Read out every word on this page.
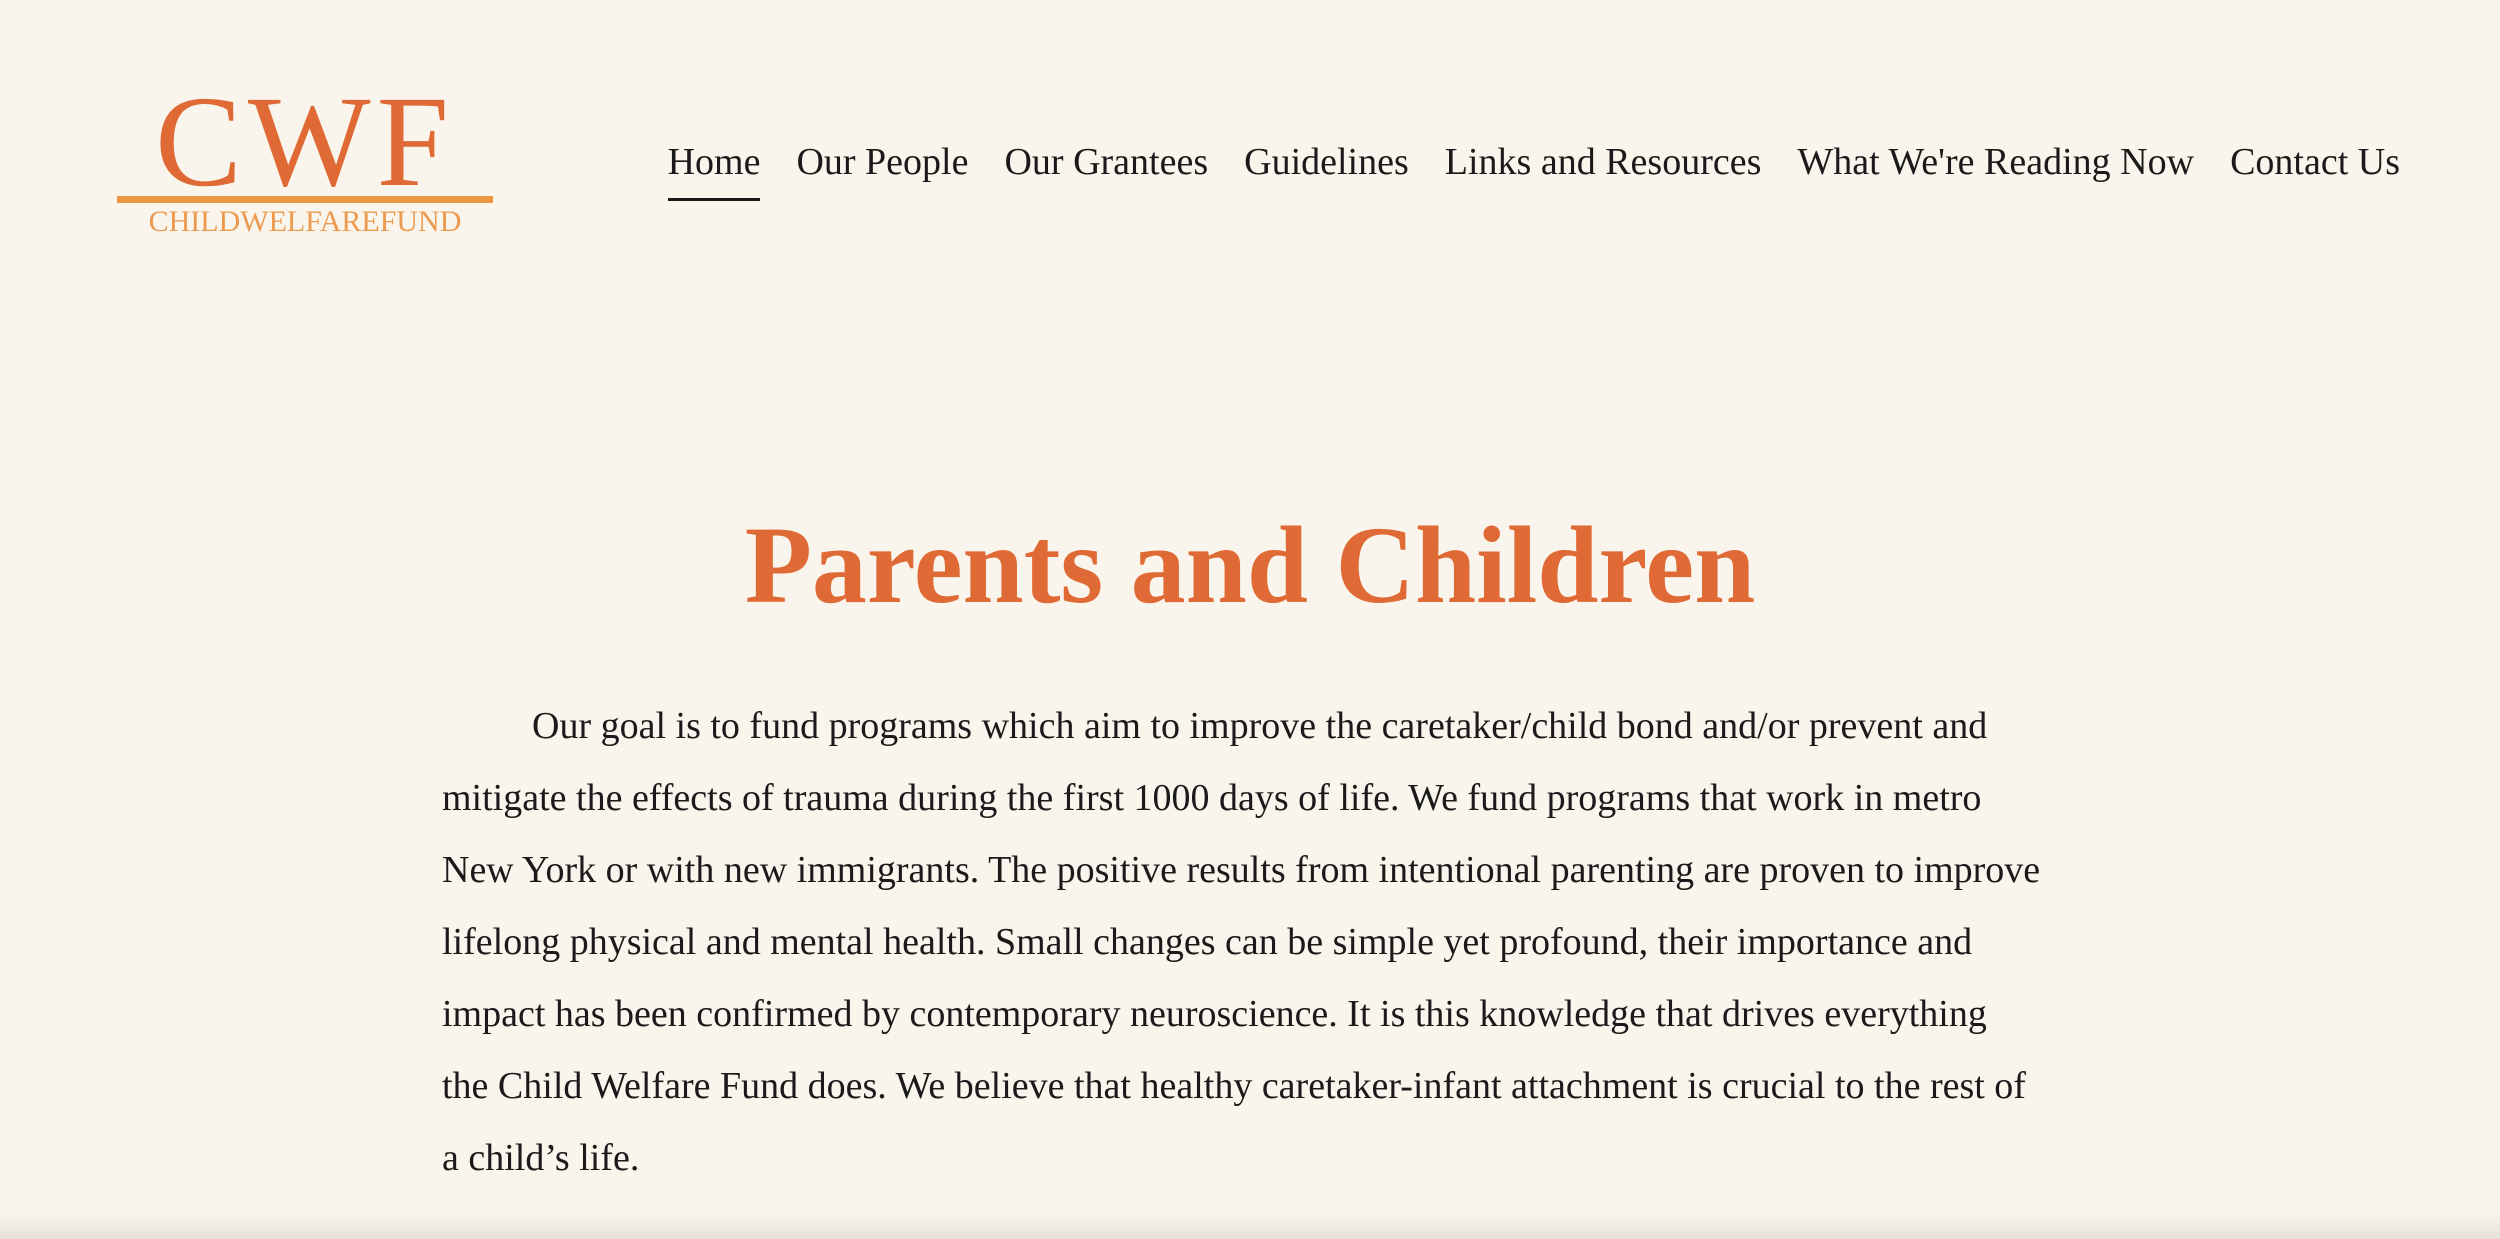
CWF
CHILDWELFAREFUND
Home Our People Our Grantees Guidelines Links and Resources What We're Reading Now Contact Us
Parents and Children

Our goal is to fund programs which aim to improve the caretaker/child bond and/or prevent and mitigate the effects of trauma during the first 1000 days of life. We fund programs that work in metro New York or with new immigrants. The positive results from intentional parenting are proven to improve lifelong physical and mental health. Small changes can be simple yet profound, their importance and impact has been confirmed by contemporary neuroscience. It is this knowledge that drives everything the Child Welfare Fund does. We believe that healthy caretaker-infant attachment is crucial to the rest of a child’s life.
